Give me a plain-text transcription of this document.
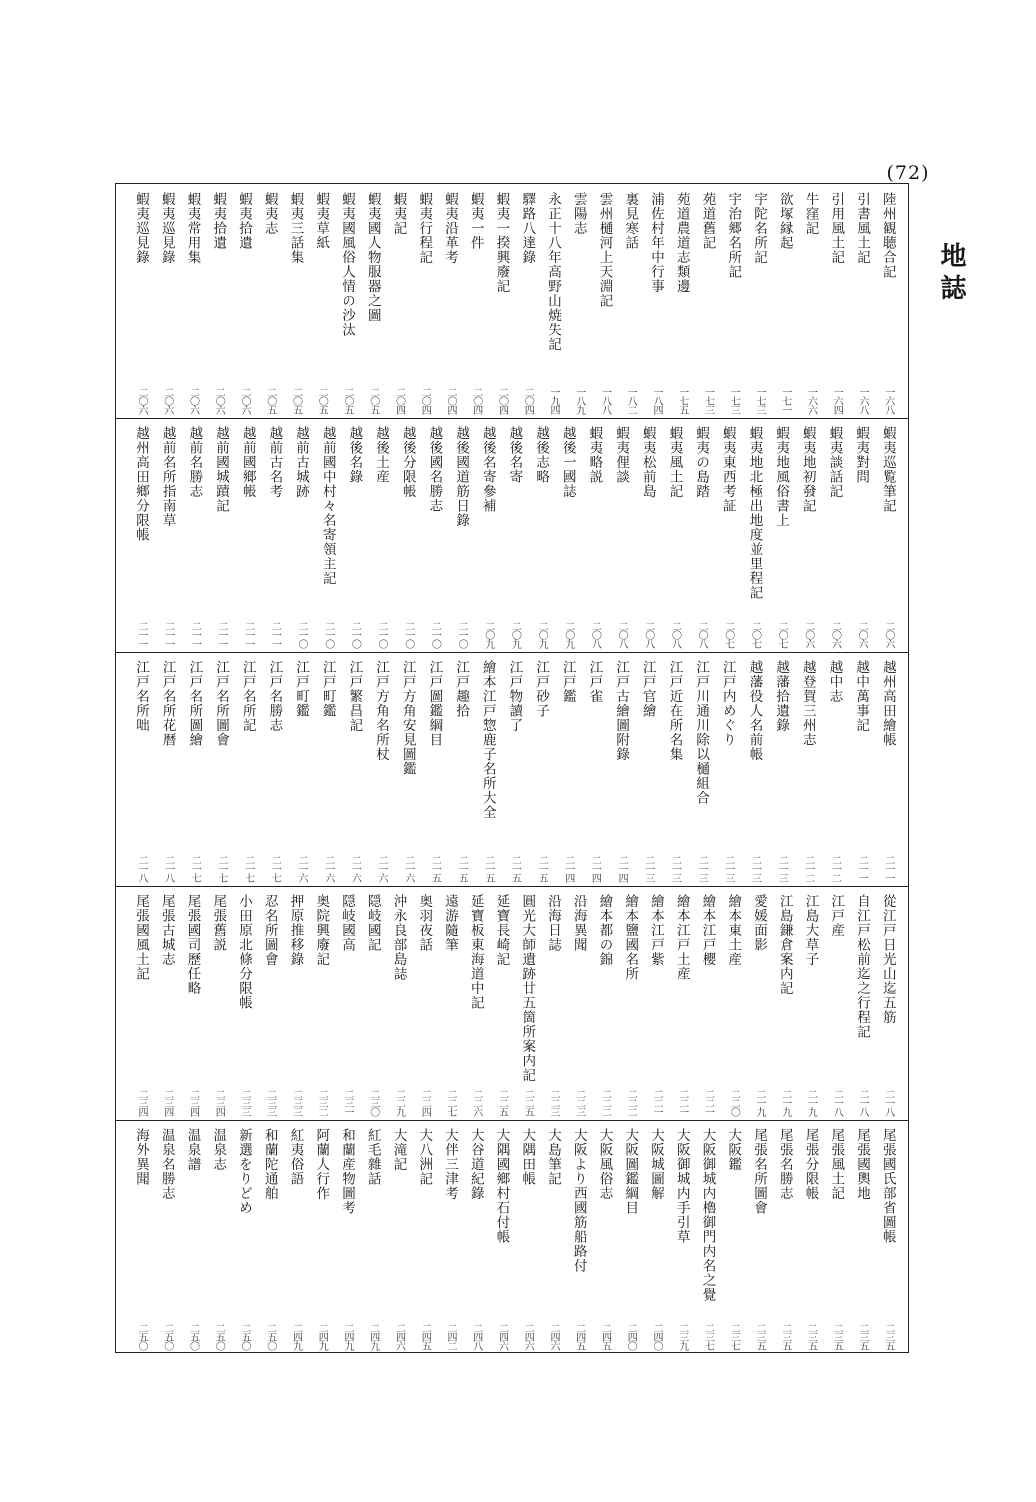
(72)
地誌
陸州観聴合記
一六八
引書風土記
一六八
引用風土記
一六四
牛窪記
一六六
欲塚縁起
一七一
宇陀名所記
一七三
宇治郷名所記
一七三
苑道舊記
一七三
苑道農道志類邊
一七五
浦佐村年中行事
一八四
裏見寒話
一八二
雲州樋河上天淵記
一八八
雲陽志
一八九
永正十八年高野山焼失記
一九四
驛路八達錄
二〇四
蝦夷一揆興廢記
二〇四
蝦夷一件
二〇四
蝦夷沿革考
二〇四
蝦夷行程記
二〇四
蝦夷記
二〇四
蝦夷國人物服器之圖
二〇五
蝦夷國風俗人情の沙汰
二〇五
蝦夷草紙
二〇五
蝦夷三話集
二〇五
蝦夷志
二〇五
蝦夷拾遺
二〇六
蝦夷拾遺
二〇六
蝦夷常用集
二〇六
蝦夷巡見錄
二〇六
蝦夷巡見錄
二〇六
蝦夷巡覧筆記
二〇六
蝦夷對問
二〇六
蝦夷談話記
二〇六
蝦夷地初發記
二〇六
蝦夷地風俗書上
二〇七
蝦夷地北極出地度並里程記
二〇七
蝦夷東西考証
二〇七
蝦夷の島踏
二〇八
蝦夷風土記
二〇八
蝦夷松前島
二〇八
蝦夷俚談
二〇八
蝦夷略説
二〇八
越後一國誌
二〇九
越後志略
二〇九
越後名寄
二〇九
越後名寄參補
二〇九
越後國道筋日錄
二一〇
越後國名勝志
二一〇
越後分限帳
二一〇
越後土産
二一〇
越後名錄
二一〇
越前國中村々名寄領主記
二一〇
越前古城跡
二一〇
越前古名考
二一一
越前國鄉帳
二一一
越前國城蹟記
二一一
越前名勝志
二一一
越前名所指南草
二一一
越州高田鄉分限帳
二一一
越州高田繪帳
二一一
越中萬事記
二一一
越中志
二一二
越登賀三州志
二一二
越藩拾遺錄
二一三
越藩役人名前帳
二一三
江戸内めぐり
二一三
江戸川通川除以樋組合
二一三
江戸近在所名集
二一三
江戸官繪
二一三
江戸古繪圖附錄
二一四
江戸雀
二一四
江戸鑑
二一四
江戸砂子
二一五
江戸物讀了
二一五
繪本江戸惣鹿子名所大全
二一五
江戸趣拾
二一五
江戸圖鑑綱目
二一五
江戸方角安見圖鑑
二一六
江戸方角名所杖
二一六
江戸繁昌記
二一六
江戸町鑑
二一六
江戸町鑑
二一六
江戸名勝志
二一七
江戸名所記
二一七
江戸名所圖會
二一七
江戸名所圖繪
二一七
江戸名所花暦
二一八
江戸名所咄
二一八
從江戸日光山迄五筋
二一八
自江戸松前迄之行程記
二一八
江戸産
二一八
江島大草子
二一九
江島鎌倉案内記
二一九
愛媛面影
二一九
繪本東土産
二二〇
繪本江戸櫻
二二一
繪本江戸土産
二二一
繪本江戸紫
二二一
繪本鹽國名所
二二二
繪本都の錦
二二二
沿海異聞
二二三
沿海日誌
二二三
圓光大師遺跡廿五箇所案内記
二二五
延寶長崎記
二二五
延寶板東海道中記
二二六
遠游隨筆
二二七
奥羽夜話
二二四
沖永良部島誌
二二九
隠岐國記
二三〇
隠岐國高
二三一
奥院興廢記
二三二
押原推移錄
二三三
忍名所圖會
二三三
小田原北條分限帳
二三三
尾張舊説
二三四
尾張國司歷任略
二三四
尾張古城志
二三四
尾張國風土記
二三四
尾張國氏部省圖帳
二三五
尾張國輿地
二三五
尾張風土記
二三五
尾張分限帳
二三五
尾張名勝志
二三五
尾張名所圖會
二三五
大阪鑑
二三七
大阪御城内櫓御門内名之覺
二三七
大阪御城内手引草
二三九
大阪城圖解
二四〇
大阪圖鑑綱目
二四〇
大阪風俗志
二四五
大阪より西國筋船路付
二四五
大島筆記
二四六
大隅田帳
二四六
大隅國鄉村石付帳
二四六
大谷道紀錄
二四八
大伴三津考
二四二
大八洲記
二四五
大滝記
二四六
紅毛雜話
二四九
和蘭産物圖考
二四九
阿蘭人行作
二四九
紅夷俗語
二四九
和蘭陀通舶
二五〇
新選をりどめ
二五〇
温泉志
二五〇
温泉譜
二五〇
温泉名勝志
二五〇
海外異聞
二五〇
